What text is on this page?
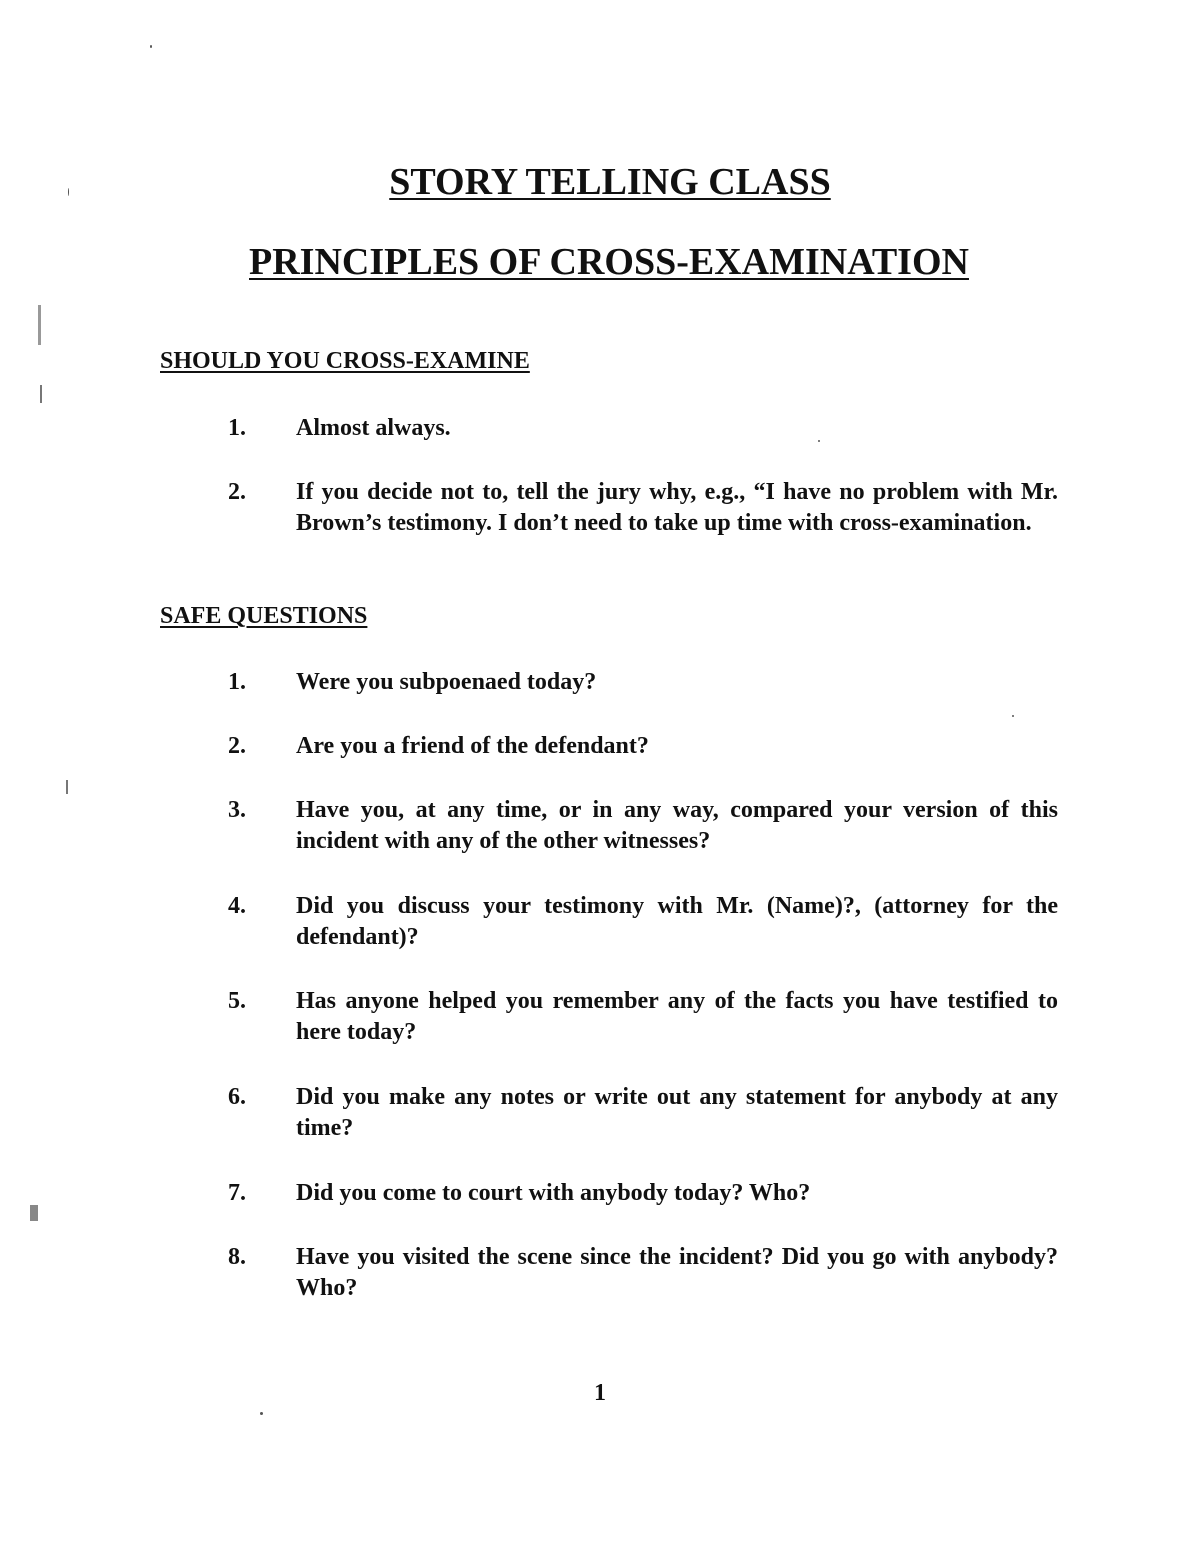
STORY TELLING CLASS
PRINCIPLES OF CROSS-EXAMINATION
SHOULD YOU CROSS-EXAMINE
1. Almost always.
2. If you decide not to, tell the jury why, e.g., “I have no problem with Mr. Brown’s testimony. I don’t need to take up time with cross-examination.
SAFE QUESTIONS
1. Were you subpoenaed today?
2. Are you a friend of the defendant?
3. Have you, at any time, or in any way, compared your version of this incident with any of the other witnesses?
4. Did you discuss your testimony with Mr. (Name)?, (attorney for the defendant)?
5. Has anyone helped you remember any of the facts you have testified to here today?
6. Did you make any notes or write out any statement for anybody at any time?
7. Did you come to court with anybody today? Who?
8. Have you visited the scene since the incident? Did you go with anybody? Who?

1
